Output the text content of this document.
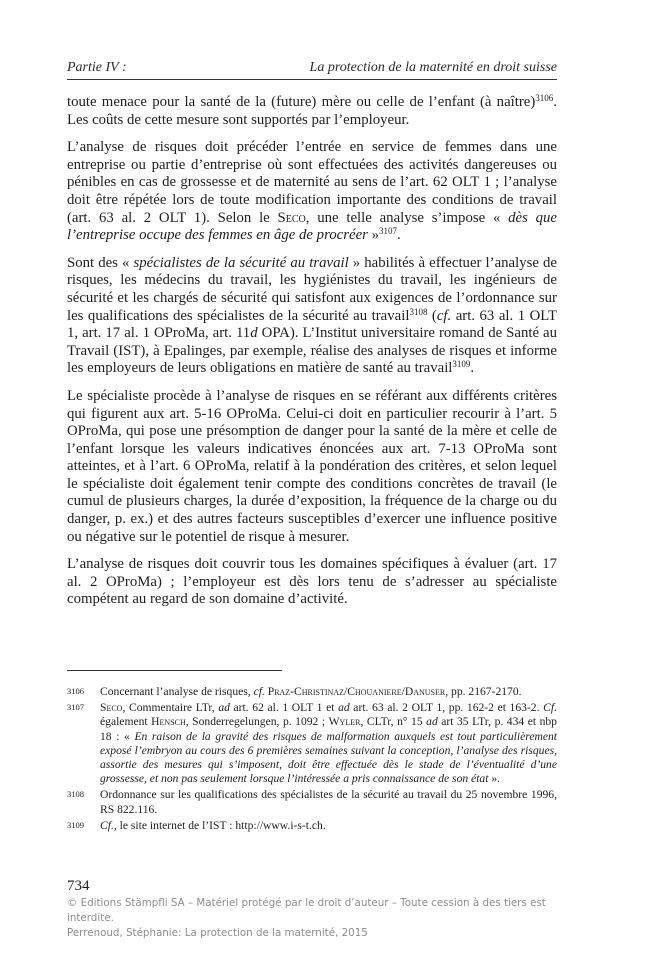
Partie IV :	La protection de la maternité en droit suisse

toute menace pour la santé de la (future) mère ou celle de l’enfant (à naître)$^{3106}$. Les coûts de cette mesure sont supportés par l’employeur.

L’analyse de risques doit précéder l’entrée en service de femmes dans une entreprise ou partie d’entreprise où sont effectuées des activités dangereuses ou pénibles en cas de grossesse et de maternité au sens de l’art. 62 OLT 1 ; l’analyse doit être répétée lors de toute modification importante des conditions de travail (art. 63 al. 2 OLT 1). Selon le Seco, une telle analyse s’impose « dès que l’entreprise occupe des femmes en âge de procréer »$^{3107}$.

Sont des « spécialistes de la sécurité au travail » habilités à effectuer l’analyse de risques, les médecins du travail, les hygiénistes du travail, les ingénieurs de sécurité et les chargés de sécurité qui satisfont aux exigences de l’ordonnance sur les qualifications des spécialistes de la sécurité au travail$^{3108}$ (cf. art. 63 al. 1 OLT 1, art. 17 al. 1 OProMa, art. 11d OPA). L’Institut universitaire romand de Santé au Travail (IST), à Epalinges, par exemple, réalise des analyses de risques et informe les employeurs de leurs obligations en matière de santé au travail$^{3109}$.

Le spécialiste procède à l’analyse de risques en se référant aux différents critères qui figurent aux art. 5-16 OProMa. Celui-ci doit en particulier recourir à l’art. 5 OProMa, qui pose une présomption de danger pour la santé de la mère et celle de l’enfant lorsque les valeurs indicatives énoncées aux art. 7-13 OProMa sont atteintes, et à l’art. 6 OProMa, relatif à la pondération des critères, et selon lequel le spécialiste doit également tenir compte des conditions concrètes de travail (le cumul de plusieurs charges, la durée d’exposition, la fréquence de la charge ou du danger, p. ex.) et des autres facteurs susceptibles d’exercer une influence positive ou négative sur le potentiel de risque à mesurer.

L’analyse de risques doit couvrir tous les domaines spécifiques à évaluer (art. 17 al. 2 OProMa) ; l’employeur est dès lors tenu de s’adresser au spécialiste compétent au regard de son domaine d’activité.

3106	Concernant l’analyse de risques, cf. Praz-Christinaz/Chouaniere/Danuser, pp. 2167-2170.
3107	Seco, Commentaire LTr, ad art. 62 al. 1 OLT 1 et ad art. 63 al. 2 OLT 1, pp. 162-2 et 163-2. Cf. également Hensch, Sonderregelungen, p. 1092 ; Wyler, CLTr, n° 15 ad art 35 LTr, p. 434 et nbp 18 : « En raison de la gravité des risques de malformation auxquels est tout particulièrement exposé l’embryon au cours des 6 premières semaines suivant la conception, l’analyse des risques, assortie des mesures qui s’imposent, doit être effectuée dès le stade de l’éventualité d’une grossesse, et non pas seulement lorsque l’intéressée a pris connaissance de son état ».
3108	Ordonnance sur les qualifications des spécialistes de la sécurité au travail du 25 novembre 1996, RS 822.116.
3109	Cf., le site internet de l’IST : http://www.i-s-t.ch.
734
© Editions Stämpfli SA – Matériel protégé par le droit d’auteur – Toute cession à des tiers est interdite.
Perrenoud, Stéphanie: La protection de la maternité, 2015
